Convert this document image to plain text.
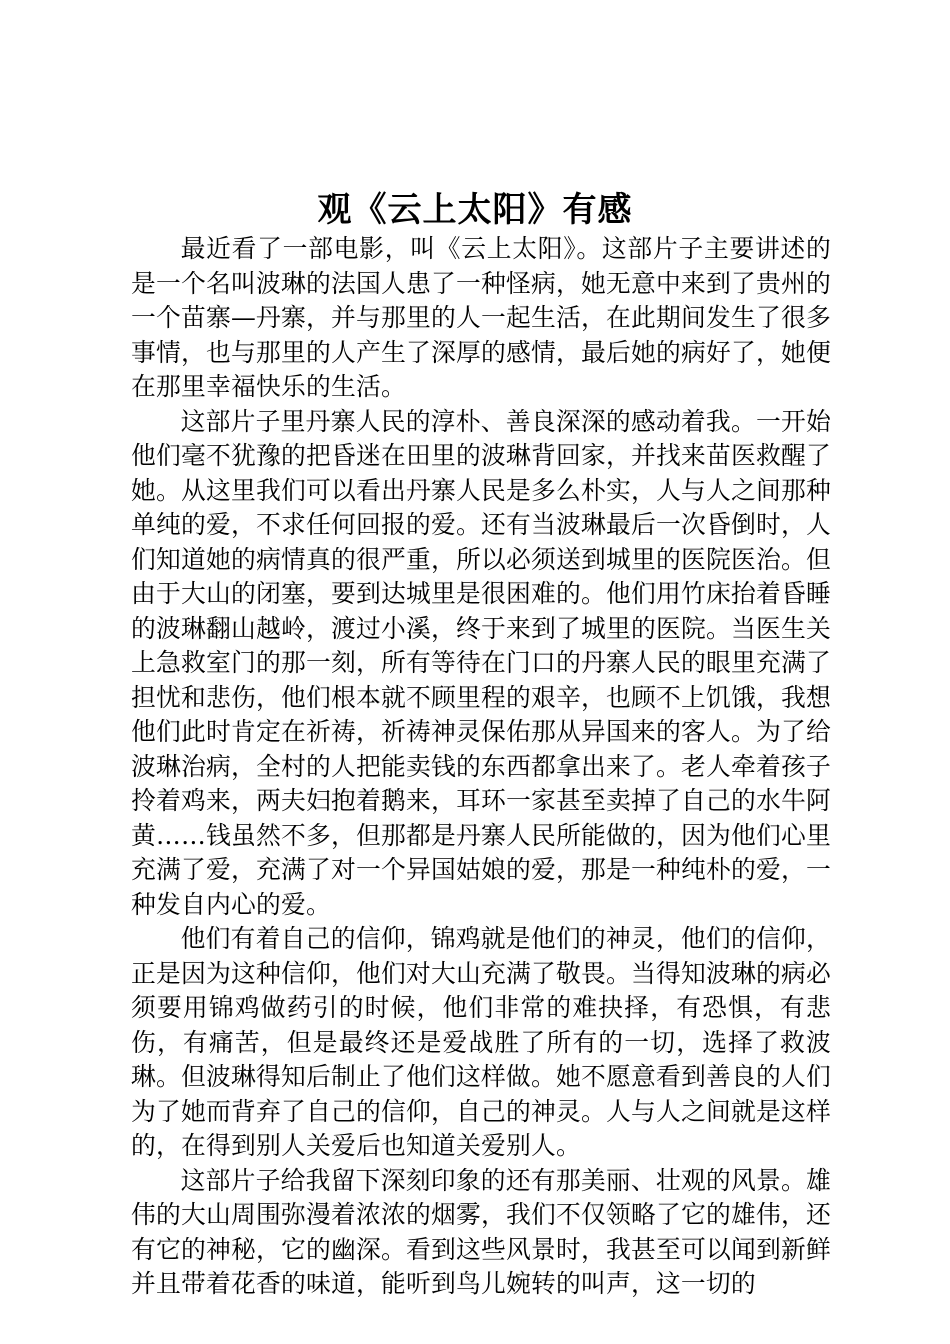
观《云上太阳》有感

最近看了一部电影，叫《云上太阳》。这部片子主要讲述的是一个名叫波琳的法国人患了一种怪病，她无意中来到了贵州的一个苗寨—丹寨，并与那里的人一起生活，在此期间发生了很多事情，也与那里的人产生了深厚的感情，最后她的病好了，她便在那里幸福快乐的生活。

这部片子里丹寨人民的淳朴、善良深深的感动着我。一开始他们毫不犹豫的把昏迷在田里的波琳背回家，并找来苗医救醒了她。从这里我们可以看出丹寨人民是多么朴实，人与人之间那种单纯的爱，不求任何回报的爱。还有当波琳最后一次昏倒时，人们知道她的病情真的很严重，所以必须送到城里的医院医治。但由于大山的闭塞，要到达城里是很困难的。他们用竹床抬着昏睡的波琳翻山越岭，渡过小溪，终于来到了城里的医院。当医生关上急救室门的那一刻，所有等待在门口的丹寨人民的眼里充满了担忧和悲伤，他们根本就不顾里程的艰辛，也顾不上饥饿，我想他们此时肯定在祈祷，祈祷神灵保佑那从异国来的客人。为了给波琳治病，全村的人把能卖钱的东西都拿出来了。老人牵着孩子拎着鸡来，两夫妇抱着鹅来，耳环一家甚至卖掉了自己的水牛阿黄……钱虽然不多，但那都是丹寨人民所能做的，因为他们心里充满了爱，充满了对一个异国姑娘的爱，那是一种纯朴的爱，一种发自内心的爱。

他们有着自己的信仰，锦鸡就是他们的神灵，他们的信仰，正是因为这种信仰，他们对大山充满了敬畏。当得知波琳的病必须要用锦鸡做药引的时候，他们非常的难抉择，有恐惧，有悲伤，有痛苦，但是最终还是爱战胜了所有的一切，选择了救波琳。但波琳得知后制止了他们这样做。她不愿意看到善良的人们为了她而背弃了自己的信仰，自己的神灵。人与人之间就是这样的，在得到别人关爱后也知道关爱别人。

这部片子给我留下深刻印象的还有那美丽、壮观的风景。雄伟的大山周围弥漫着浓浓的烟雾，我们不仅领略了它的雄伟，还有它的神秘，它的幽深。看到这些风景时，我甚至可以闻到新鲜并且带着花香的味道，能听到鸟儿婉转的叫声，这一切的
